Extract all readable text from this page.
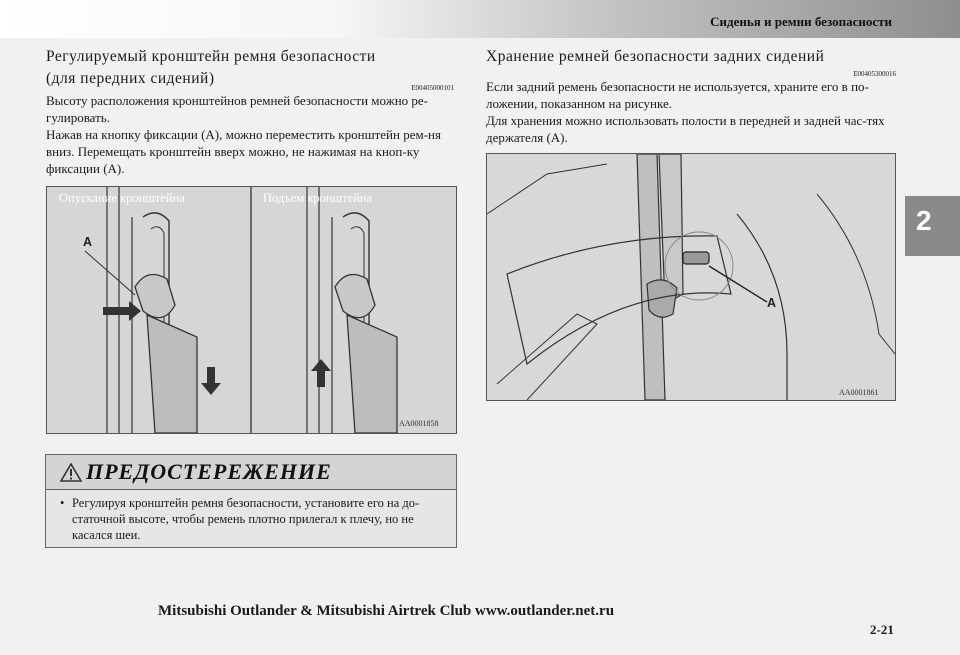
Сиденья и ремни безопасности
2
Регулируемый кронштейн ремня безопасности
(для передних сидений)
E00405000101

Высоту расположения кронштейнов ремней безопасности можно ре-гулировать.

Нажав на кнопку фиксации (A), можно переместить кронштейн рем-ня вниз. Перемещать кронштейн вверх можно, не нажимая на кноп-ку фиксации (A).

Опускание кронштейна	Подъем кронштейна
A
AA0001858
ПРЕДОСТЕРЕЖЕНИЕ
• Регулируя кронштейн ремня безопасности, установите его на до-статочной высоте, чтобы ремень плотно прилегал к плечу, но не касался шеи.
Хранение ремней безопасности задних сидений
E00405300016

Если задний ремень безопасности не используется, храните его в по-ложении, показанном на рисунке.

Для хранения можно использовать полости в передней и задней час-тях держателя (A).

A
AA0001861
Mitsubishi Outlander & Mitsubishi Airtrek Club www.outlander.net.ru
2-21
